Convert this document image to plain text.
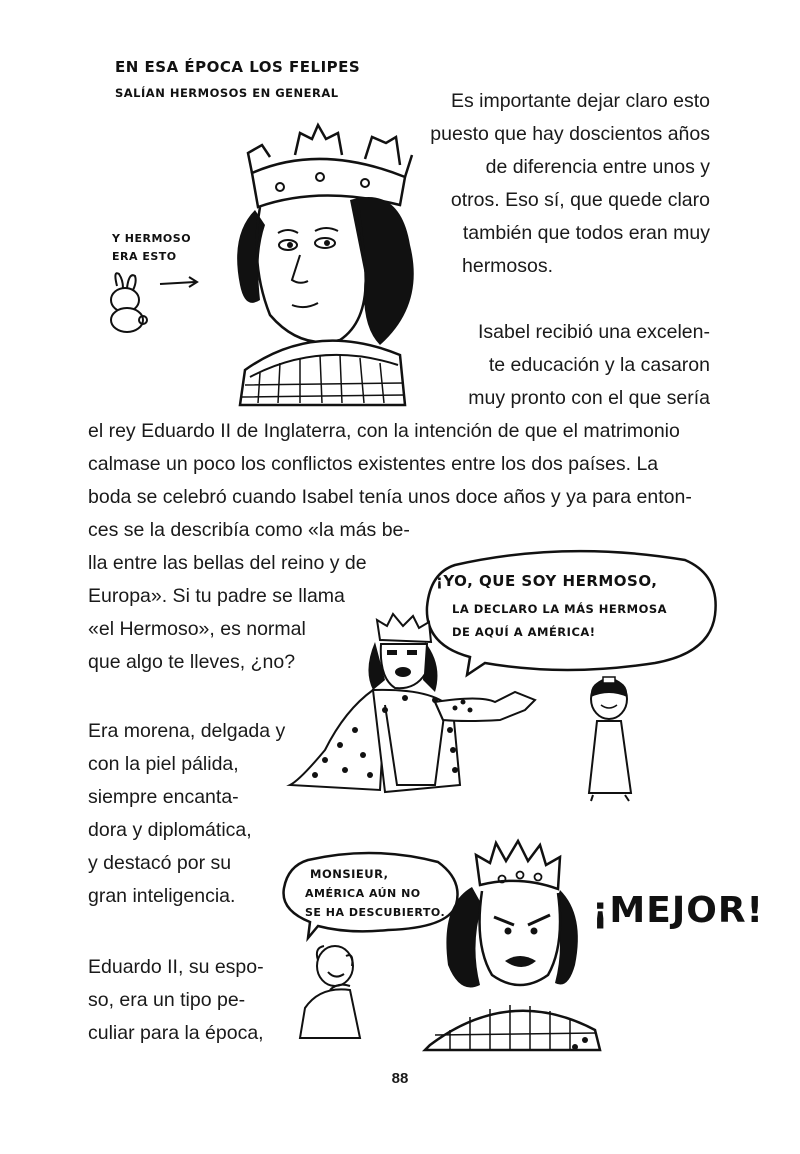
EN ESA ÉPOCA LOS FELIPES
SALÍAN HERMOSOS EN GENERAL
Y HERMOSO
ERA ESTO
Es importante dejar claro esto
puesto que hay doscientos años
de diferencia entre unos y
otros. Eso sí, que quede claro
también que todos eran muy
hermosos.
Isabel recibió una excelen-
te educación y la casaron
muy pronto con el que sería
el rey Eduardo II de Inglaterra, con la intención de que el matrimonio
calmase un poco los conflictos existentes entre los dos países. La
boda se celebró cuando Isabel tenía unos doce años y ya para enton-
ces se la describía como «la más be-
lla entre las bellas del reino y de
Europa». Si tu padre se llama
«el Hermoso», es normal
que algo te lleves, ¿no?
Era morena, delgada y
con la piel pálida,
siempre encanta-
dora y diplomática,
y destacó por su
gran inteligencia.
Eduardo II, su espo-
so, era un tipo pe-
culiar para la época,
¡YO, QUE SOY HERMOSO,
LA DECLARO LA MÁS HERMOSA
DE AQUÍ A AMÉRICA!
MONSIEUR,
AMÉRICA AÚN NO
SE HA DESCUBIERTO.	¡MEJOR!
88
